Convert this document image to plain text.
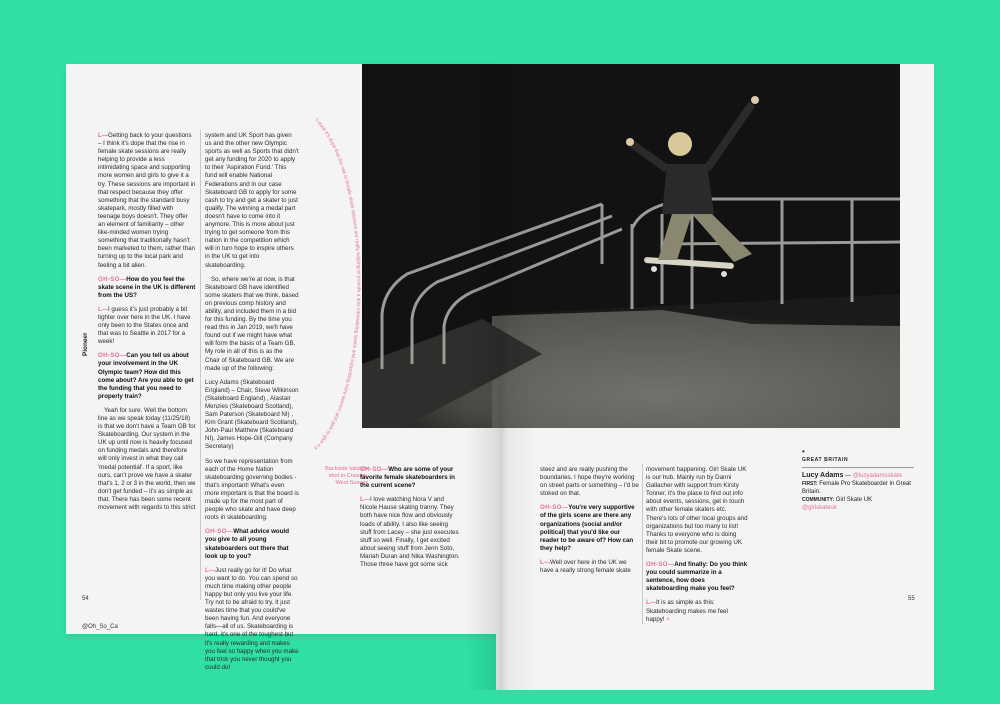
L—Getting back to your questions – I think it's dope that the rise in female skate sessions are really helping to provide a less intimidating space and supporting more women and girls to give it a try. These sessions are important in that respect because they offer something that the standard busy skatepark, mostly filled with teenage boys doesn't. They offer an element of familiarity – other like-minded women trying something that traditionally hasn't been marketed to them, rather than turning up to the local park and feeling a bit alien.

OH-SO—How do you feel the skate scene in the UK is different from the US?

L—I guess it's just probably a bit tighter over here in the UK. I have only been to the States once and that was to Seattle in 2017 for a week!

OH-SO—Can you tell us about your involvement in the UK Olympic team? How did this come about? Are you able to get the funding that you need to properly train?

Yeah for sure. Well the bottom line as we speak today (11/25/18) is that we don't have a Team GB for Skateboarding. Our system in the UK up until now is heavily focused on funding medals and therefore will only invest in what they call 'medal potential'. If a sport, like ours, can't prove we have a skater that's 1, 2 or 3 in the world, then we don't get funded – it's as simple as that. There has been some recent movement with regards to this strict

system and UK Sport has given us and the other new Olympic sports as well as Sports that didn't get any funding for 2020 to apply to their 'Aspiration Fund.' This fund will enable National Federations and in our case Skateboard GB to apply for some cash to try and get a skater to just qualify. The winning a medal part doesn't have to come into it anymore. This is more about just trying to get someone from this nation in the competition which will in turn hope to inspire others in the UK to get into skateboarding.

So, where we're at now, is that Skateboard GB have identified some skaters that we think, based on previous comp history and ability, and included them in a bid for this funding. By the time you read this in Jan 2019, we'll have found out if we might have what will form the basis of a Team GB. My role in all of this is as the Chair of Skateboard GB. We are made up of the following:

Lucy Adams (Skateboard England) – Chair, Steve Wilkinson (Skateboard England) , Alastair Menzies (Skateboard Scotland), Sam Paterson (Skateboard NI) , Kim Grant (Skateboard Scotland), John-Paul Matthew (Skateboard NI), James Hope-Gill (Company Secretary)

So we have representation from each of the Home Nation skateboarding governing bodies - that's important! What's even more important is that the board is made up for the most part of people who skate and have deep roots in skateboarding.

OH-SO—What advice would you give to all young skateboarders out there that look up to you?

L—Just really go for it! Do what you want to do. You can spend so much time making other people happy but only you live your life. Try not to be afraid to try. It just wastes time that you could've been having fun. And everyone falls—all of us. Skateboarding is hard, it's one of the toughest but it's really rewarding and makes you feel so happy when you make that trick you never thought you could do!

"I think it's dope that the rise in female skate sessions are really helping to provide a less intimidating space and supporting more women and girls to give it a
Pioneer
54
@Oh_So_Ca
Backside tailslide shot in Crawley, West Sussex

OH-SO—Who are some of your favorite female skateboarders in the current scene?

L—I love watching Nora V and Nicole Hause skating tranny. They both have nice flow and obviously loads of ability. I also like seeing stuff from Lacey – she just executes stuff so well. Finally, I get excited about seeing stuff from Jenn Soto, Mariah Duran and Nika Washington. Those three have got some sick

steez and are really pushing the boundaries. I hope they're working on street parts or something – I'd be stoked on that.

OH-SO—You're very supportive of the girls scene are there any organizations (social and/or political) that you'd like our reader to be aware of? How can they help?

L—Well over here in the UK we have a really strong female skate

movement happening. Girl Skate UK is our hub. Mainly run by Danni Gallacher with support from Kirsty Tonner, it's the place to find out info about events, sessions, get in touch with other female skaters etc. There's lots of other local groups and organizations but too many to list! Thanks to everyone who is doing their bit to promote our growing UK female Skate scene.

OH-SO—And finally: Do you think you could summarize in a sentence, how does skateboarding make you feel?

L—It is as simple as this: Skateboarding makes me feel happy! ×

•
GREAT BRITAIN
Lucy Adams — @lucyadamsskate
FIRST: Female Pro Skateboarder in Great Britain.
COMMUNITY: Girl Skate UK
@girlskateuk
55
